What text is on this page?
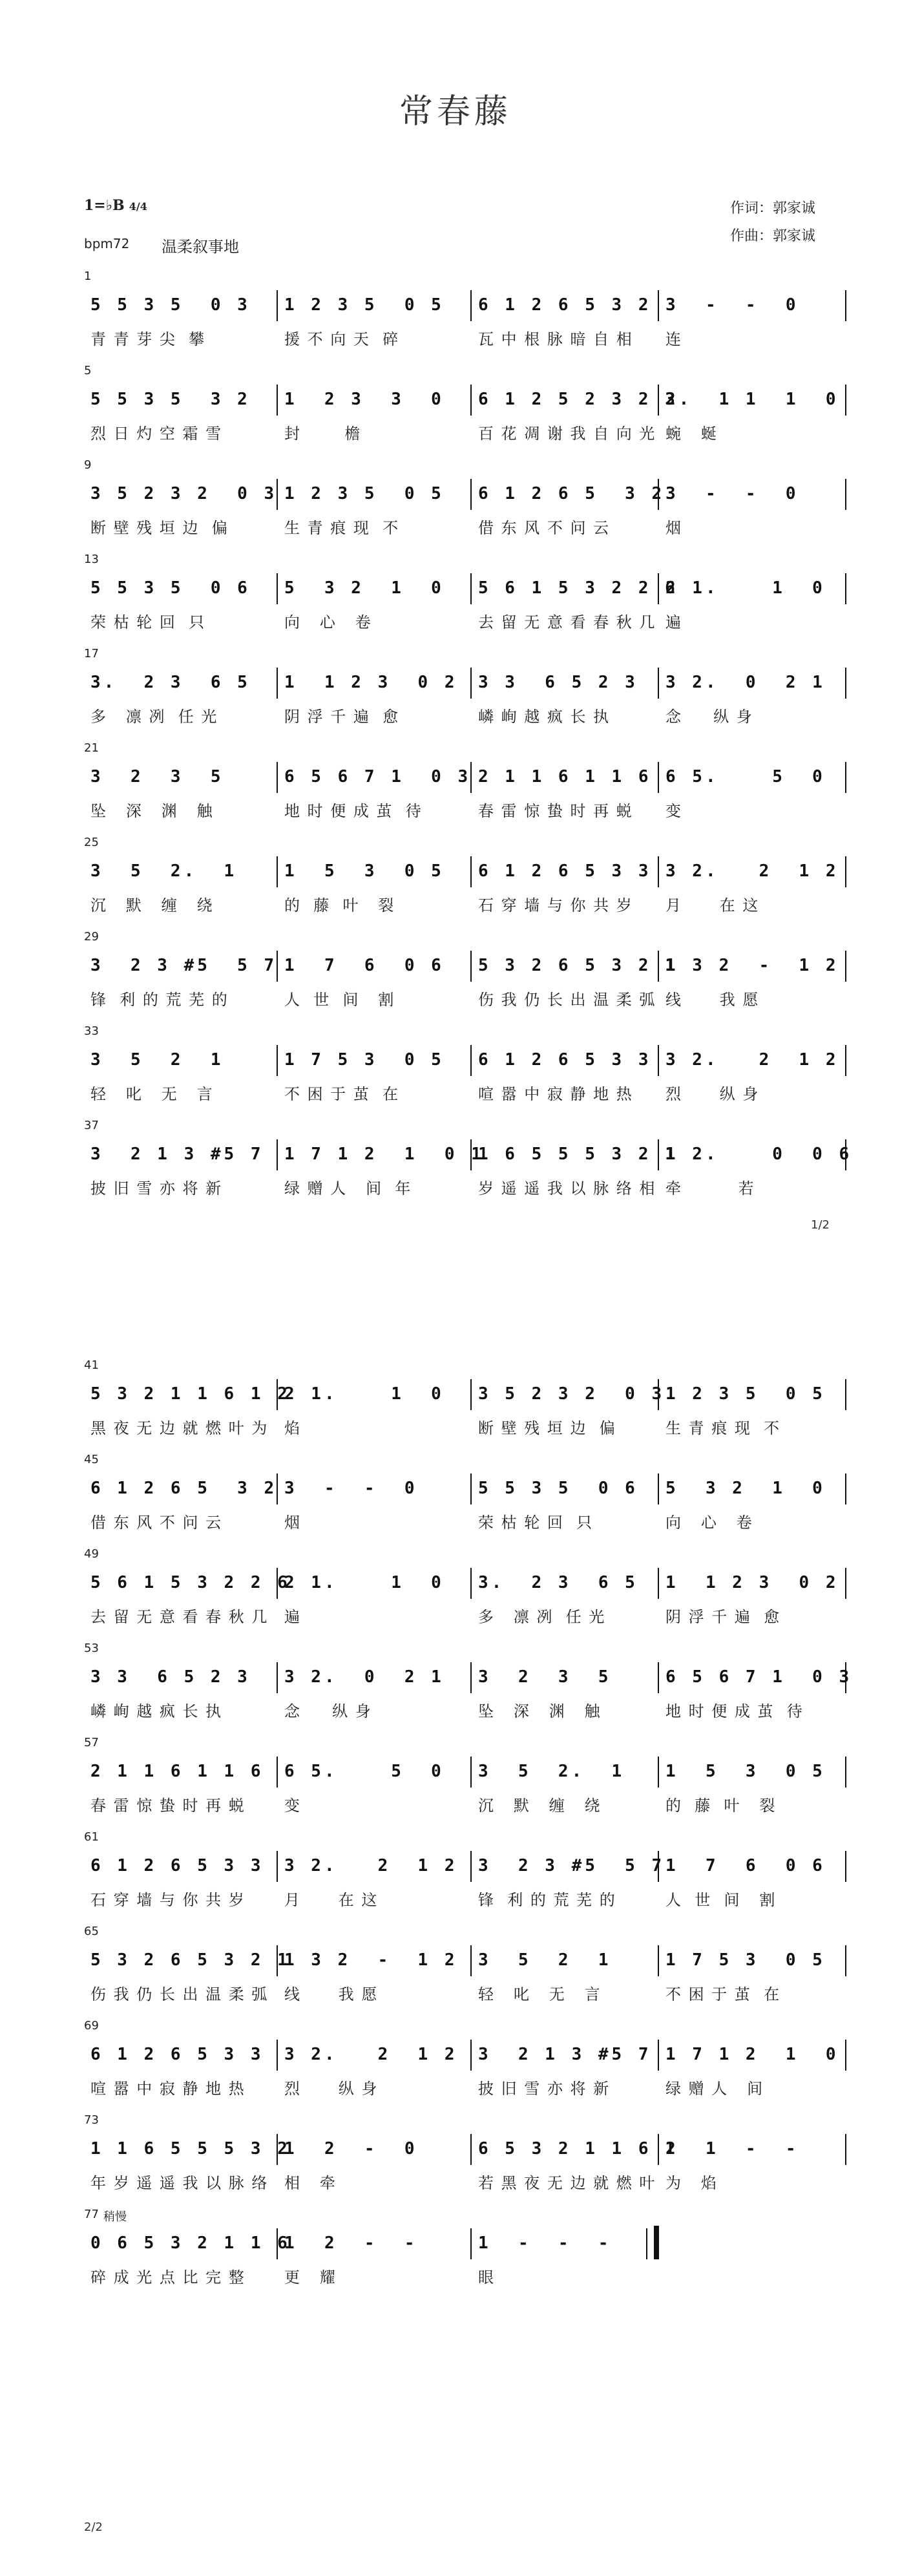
常春藤
1=♭B 4/4	作词：郭家诚
作曲：郭家诚
bpm72 温柔叙事地
1
5 5 3 5  0 3
青 青 芽 尖  攀
1 2 3 5  0 5
援 不 向 天  碎
6 1 2 6 5 3 2
瓦 中 根 脉 暗 自 相
3  -  -  0
连
5
5 5 3 5  3 2
烈 日 灼 空 霜 雪
1  2 3  3  0
封       檐
6 1 2 5 2 3 2 3
百 花 凋 谢 我 自 向 光
2.  1 1  1  0
蜿   蜒
9
3 5 2 3 2  0 3
断 壁 残 垣 边  偏
1 2 3 5  0 5
生 青 痕 现  不
6 1 2 6 5  3 2
借 东 风 不 问 云
3  -  -  0
烟
13
5 5 3 5  0 6
荣 枯 轮 回  只
5  3 2  1  0
向   心   卷
5 6 1 5 3 2 2 6
去 留 无 意 看 春 秋 几
2 1.    1  0
遍
17
3.  2 3  6 5
多   凛 冽  任 光
1  1 2 3  0 2
阴 浮 千 遍  愈
3 3  6 5 2 3
嶙 峋 越 疯 长 执
3 2.  0  2 1
念     纵 身
21
3  2  3  5
坠   深   渊   触
6 5 6 7 1  0 3
地 时 便 成 茧  待
2 1 1 6 1 1 6
春 雷 惊 蛰 时 再 蜕
6 5.    5  0
变
25
3  5  2.  1
沉   默   缠   绕
1  5  3  0 5
的  藤  叶   裂
6 1 2 6 5 3 3
石 穿 墙 与 你 共 岁
3 2.   2  1 2
月      在 这
29
3  2 3 #5  5 7
锋  利 的 荒 芜 的
1  7  6  0 6
人  世  间   割
5 3 2 6 5 3 2 1
伤 我 仍 长 出 温 柔 弧
1 3 2  -  1 2
线      我 愿
33
3  5  2  1
轻   叱   无   言
1 7 5 3  0 5
不 困 于 茧  在
6 1 2 6 5 3 3
喧 嚣 中 寂 静 地 热
3 2.   2  1 2
烈      纵 身
37
3  2 1 3 #5 7
披 旧 雪 亦 将 新
1 7 1 2  1  0 1
绿 赠 人   间  年
1 6 5 5 5 3 2 1
岁 遥 遥 我 以 脉 络 相
1 2.    0  0 6
牵         若
41
5 3 2 1 1 6 1 2
黑 夜 无 边 就 燃 叶 为
2 1.    1  0
焰
3 5 2 3 2  0 3
断 壁 残 垣 边  偏
1 2 3 5  0 5
生 青 痕 现  不
45
6 1 2 6 5  3 2
借 东 风 不 问 云
3  -  -  0
烟
5 5 3 5  0 6
荣 枯 轮 回  只
5  3 2  1  0
向   心   卷
49
5 6 1 5 3 2 2 6
去 留 无 意 看 春 秋 几
2 1.    1  0
遍
3.  2 3  6 5
多   凛 冽  任 光
1  1 2 3  0 2
阴 浮 千 遍  愈
53
3 3  6 5 2 3
嶙 峋 越 疯 长 执
3 2.  0  2 1
念     纵 身
3  2  3  5
坠   深   渊   触
6 5 6 7 1  0 3
地 时 便 成 茧  待
57
2 1 1 6 1 1 6
春 雷 惊 蛰 时 再 蜕
6 5.    5  0
变
3  5  2.  1
沉   默   缠   绕
1  5  3  0 5
的  藤  叶   裂
61
6 1 2 6 5 3 3
石 穿 墙 与 你 共 岁
3 2.   2  1 2
月      在 这
3  2 3 #5  5 7
锋  利 的 荒 芜 的
1  7  6  0 6
人  世  间   割
65
5 3 2 6 5 3 2 1
伤 我 仍 长 出 温 柔 弧
1 3 2  -  1 2
线      我 愿
3  5  2  1
轻   叱   无   言
1 7 5 3  0 5
不 困 于 茧  在
69
6 1 2 6 5 3 3
喧 嚣 中 寂 静 地 热
3 2.   2  1 2
烈      纵 身
3  2 1 3 #5 7
披 旧 雪 亦 将 新
1 7 1 2  1  0
绿 赠 人   间
73
1 1 6 5 5 5 3 2
年 岁 遥 遥 我 以 脉 络
1  2  -  0
相   牵
6 5 3 2 1 1 6 1
若 黑 夜 无 边 就 燃 叶
2  1  -  -
为   焰
77 稍慢
0 6 5 3 2 1 1 6
碎 成 光 点 比 完 整
1  2  -  -
更   耀
1  -  -  -
眼
1/2
2/2
